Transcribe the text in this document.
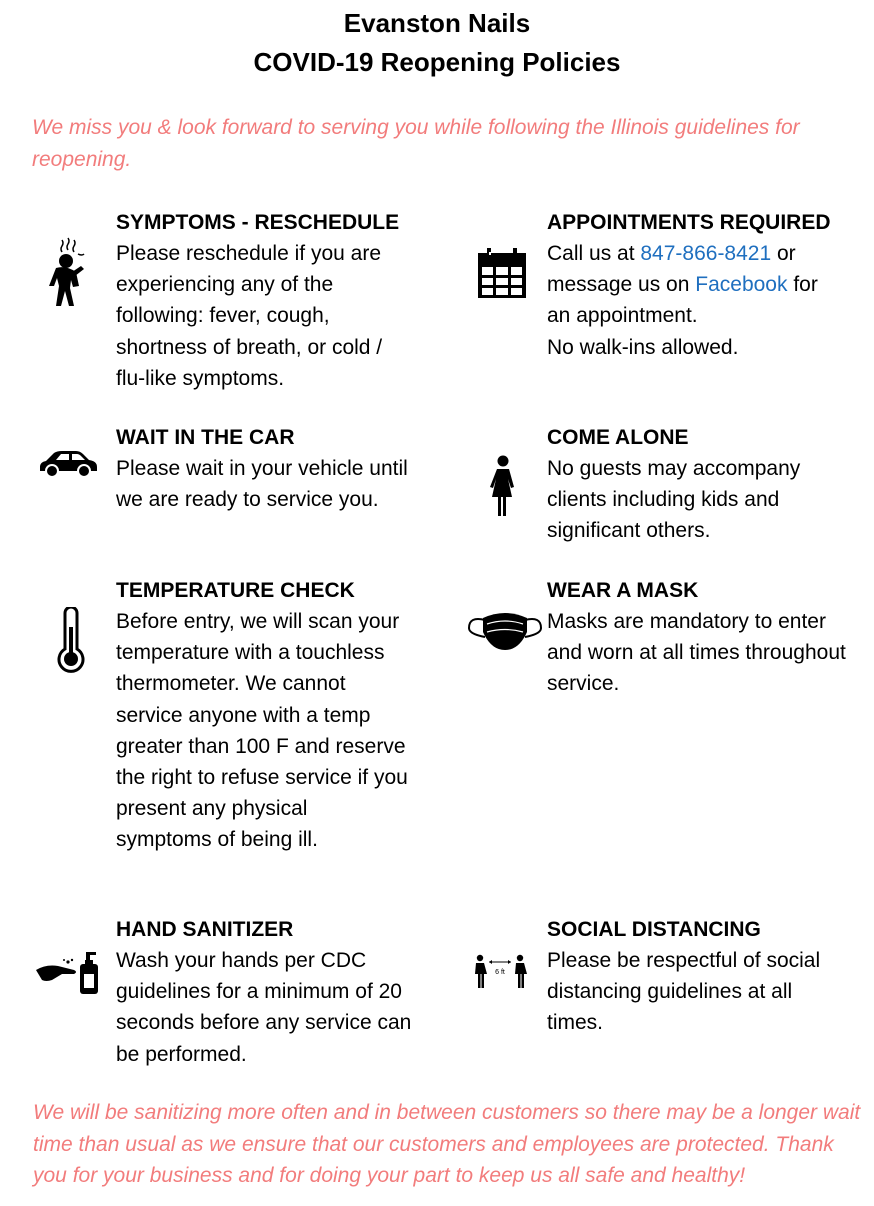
Evanston Nails
COVID-19 Reopening Policies
We miss you & look forward to serving you while following the Illinois guidelines for reopening.
SYMPTOMS - RESCHEDULE

Please reschedule if you are experiencing any of the following: fever, cough, shortness of breath, or cold / flu-like symptoms.

APPOINTMENTS REQUIRED

Call us at 847-866-8421 or message us on Facebook for an appointment.
No walk-ins allowed.

WAIT IN THE CAR

Please wait in your vehicle until we are ready to service you.

COME ALONE

No guests may accompany clients including kids and significant others.

TEMPERATURE CHECK

Before entry, we will scan your temperature with a touchless thermometer. We cannot service anyone with a temp greater than 100 F and reserve the right to refuse service if you present any physical symptoms of being ill.

WEAR A MASK

Masks are mandatory to enter and worn at all times throughout service.

HAND SANITIZER

Wash your hands per CDC guidelines for a minimum of 20 seconds before any service can be performed.

6 ft
SOCIAL DISTANCING

Please be respectful of social distancing guidelines at all times.

We will be sanitizing more often and in between customers so there may be a longer wait time than usual as we ensure that our customers and employees are protected. Thank you for your business and for doing your part to keep us all safe and healthy!
